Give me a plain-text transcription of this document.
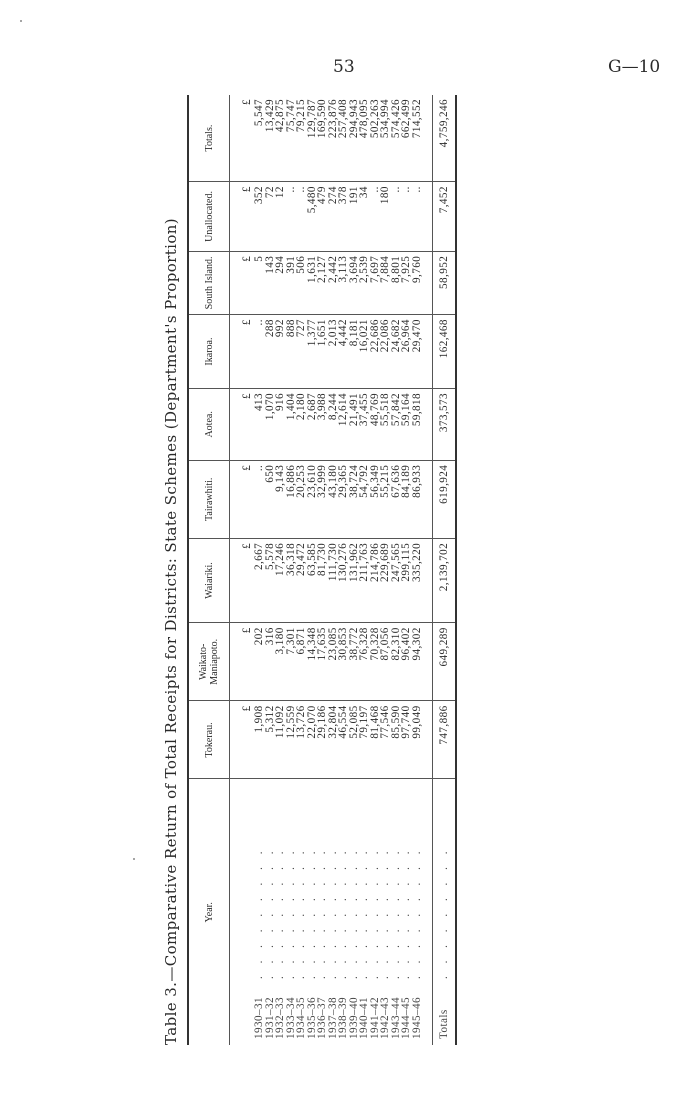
53	G—10
Table 3.—Comparative Return of Total Receipts for Districts: State Schemes (Department's Proportion)	Year.	Tokerau.	Waikato-Maniapoto.	Waiariki.	Tairawhiti.	Aotea.	Ikaroa.	South Island.	Unallocated.	Totals.
	£	£	£	£	£	£	£	£	£
1930–31. . . . . . . . .	1,908	202	2,667	..	413	..	5	352	5,547
1931–32. . . . . . . . .	5,312	316	5,578	650	1,070	288	143	72	13,429
1932–33. . . . . . . . .	11,092	3,180	17,246	9,143	916	992	294	12	42,875
1933–34. . . . . . . . .	12,559	7,301	36,318	16,886	1,404	888	391	..	75,747
1934–35. . . . . . . . .	13,726	6,871	29,472	20,253	2,180	727	506	..	79,215
1935–36. . . . . . . . .	22,070	14,348	63,585	23,610	2,687	1,377	1,631	5,480	129,787
1936–37. . . . . . . . .	29,186	17,635	81,730	32,999	3,988	1,651	2,127	479	169,590
1937–38. . . . . . . . .	32,804	23,085	111,730	43,180	8,244	2,013	2,442	274	223,876
1938–39. . . . . . . . .	46,554	30,853	130,276	29,365	12,614	4,442	3,113	378	257,408
1939–40. . . . . . . . .	52,085	38,772	131,962	38,724	21,491	8,181	3,694	191	294,943
1940–41. . . . . . . . .	79,197	76,328	211,763	54,792	37,455	16,021	2,539	34	478,095
1941–42. . . . . . . . .	81,468	70,328	214,786	56,349	48,769	22,686	7,697	..	502,263
1942–43. . . . . . . . .	77,546	87,056	229,689	55,215	55,518	22,086	7,884	180	534,994
1943–44. . . . . . . . .	85,590	82,310	247,565	67,636	57,842	24,682	8,801	..	574,426
1944–45. . . . . . . . .	97,740	96,402	299,115	84,189	59,164	26,964	7,925	..	662,499
1945–46. . . . . . . . .	99,049	94,302	335,220	86,933	59,818	29,470	9,760	..	714,552

Totals. . . . . . . . .	747,886	649,289	2,139,702	619,924	373,573	162,468	58,952	7,452	4,759,246
